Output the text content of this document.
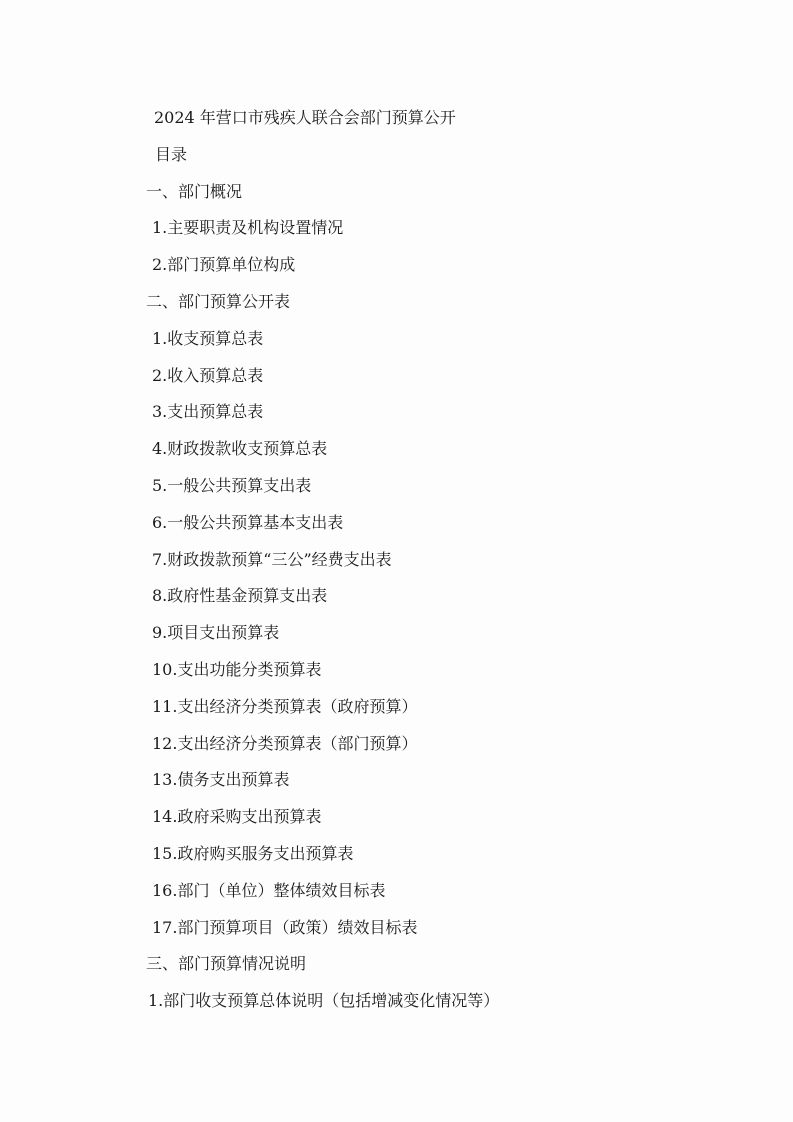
2024 年营口市残疾人联合会部门预算公开
目录
一、部门概况
1.主要职责及机构设置情况
2.部门预算单位构成
二、部门预算公开表
1.收支预算总表
2.收入预算总表
3.支出预算总表
4.财政拨款收支预算总表
5.一般公共预算支出表
6.一般公共预算基本支出表
7.财政拨款预算“三公”经费支出表
8.政府性基金预算支出表
9.项目支出预算表
10.支出功能分类预算表
11.支出经济分类预算表（政府预算）
12.支出经济分类预算表（部门预算）
13.债务支出预算表
14.政府采购支出预算表
15.政府购买服务支出预算表
16.部门（单位）整体绩效目标表
17.部门预算项目（政策）绩效目标表
三、部门预算情况说明
1.部门收支预算总体说明（包括增减变化情况等）
